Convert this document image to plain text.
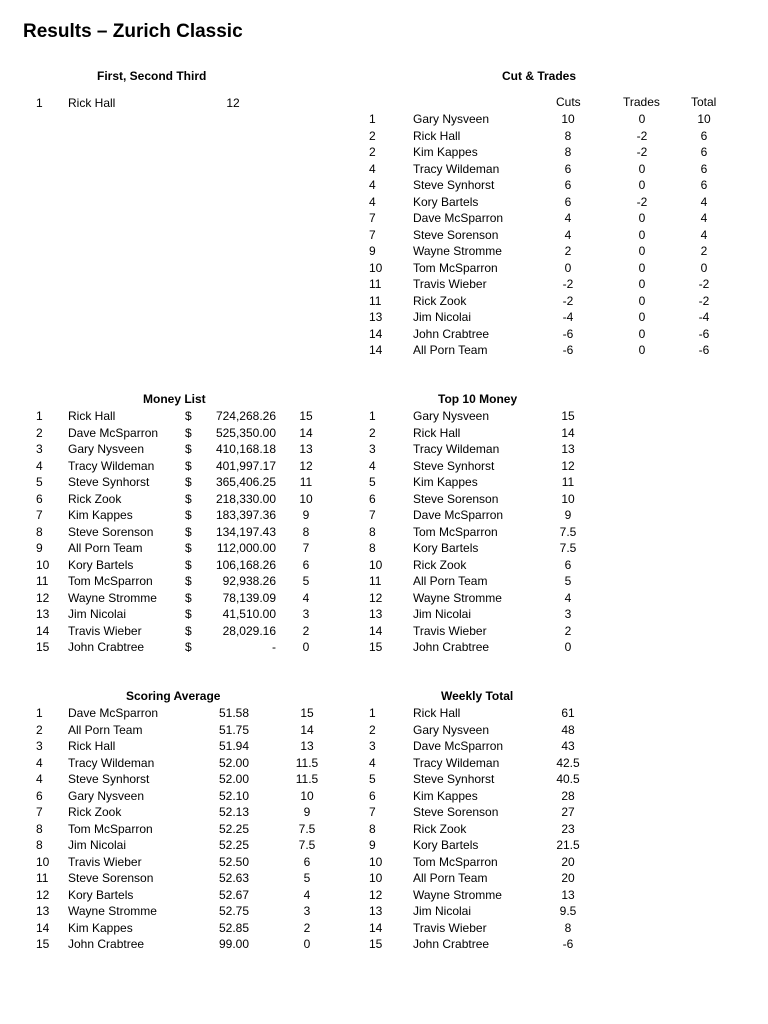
Results – Zurich Classic
First, Second Third	Cut & Trades
Money List	Top 10 Money
Scoring Average	Weekly Total
Cuts	Trades	Total
1	Rick Hall	12
1	Gary Nysveen	10	0	10
2	Rick Hall	8	-2	6
2	Kim Kappes	8	-2	6
4	Tracy Wildeman	6	0	6
4	Steve Synhorst	6	0	6
4	Kory Bartels	6	-2	4
7	Dave McSparron	4	0	4
7	Steve Sorenson	4	0	4
9	Wayne Stromme	2	0	2
10	Tom McSparron	0	0	0
11	Travis Wieber	-2	0	-2
11	Rick Zook	-2	0	-2
13	Jim Nicolai	-4	0	-4
14	John Crabtree	-6	0	-6
14	All Porn Team	-6	0	-6
1	Rick Hall	$	724,268.26	15
2	Dave McSparron	$	525,350.00	14
3	Gary Nysveen	$	410,168.18	13
4	Tracy Wildeman	$	401,997.17	12
5	Steve Synhorst	$	365,406.25	11
6	Rick Zook	$	218,330.00	10
7	Kim Kappes	$	183,397.36	9
8	Steve Sorenson	$	134,197.43	8
9	All Porn Team	$	112,000.00	7
10	Kory Bartels	$	106,168.26	6
11	Tom McSparron	$	92,938.26	5
12	Wayne Stromme	$	78,139.09	4
13	Jim Nicolai	$	41,510.00	3
14	Travis Wieber	$	28,029.16	2
15	John Crabtree	$	-	0
1	Gary Nysveen	15
2	Rick Hall	14
3	Tracy Wildeman	13
4	Steve Synhorst	12
5	Kim Kappes	11
6	Steve Sorenson	10
7	Dave McSparron	9
8	Tom McSparron	7.5
8	Kory Bartels	7.5
10	Rick Zook	6
11	All Porn Team	5
12	Wayne Stromme	4
13	Jim Nicolai	3
14	Travis Wieber	2
15	John Crabtree	0
1	Dave McSparron	51.58	15
2	All Porn Team	51.75	14
3	Rick Hall	51.94	13
4	Tracy Wildeman	52.00	11.5
4	Steve Synhorst	52.00	11.5
6	Gary Nysveen	52.10	10
7	Rick Zook	52.13	9
8	Tom McSparron	52.25	7.5
8	Jim Nicolai	52.25	7.5
10	Travis Wieber	52.50	6
11	Steve Sorenson	52.63	5
12	Kory Bartels	52.67	4
13	Wayne Stromme	52.75	3
14	Kim Kappes	52.85	2
15	John Crabtree	99.00	0
1	Rick Hall	61
2	Gary Nysveen	48
3	Dave McSparron	43
4	Tracy Wildeman	42.5
5	Steve Synhorst	40.5
6	Kim Kappes	28
7	Steve Sorenson	27
8	Rick Zook	23
9	Kory Bartels	21.5
10	Tom McSparron	20
10	All Porn Team	20
12	Wayne Stromme	13
13	Jim Nicolai	9.5
14	Travis Wieber	8
15	John Crabtree	-6
